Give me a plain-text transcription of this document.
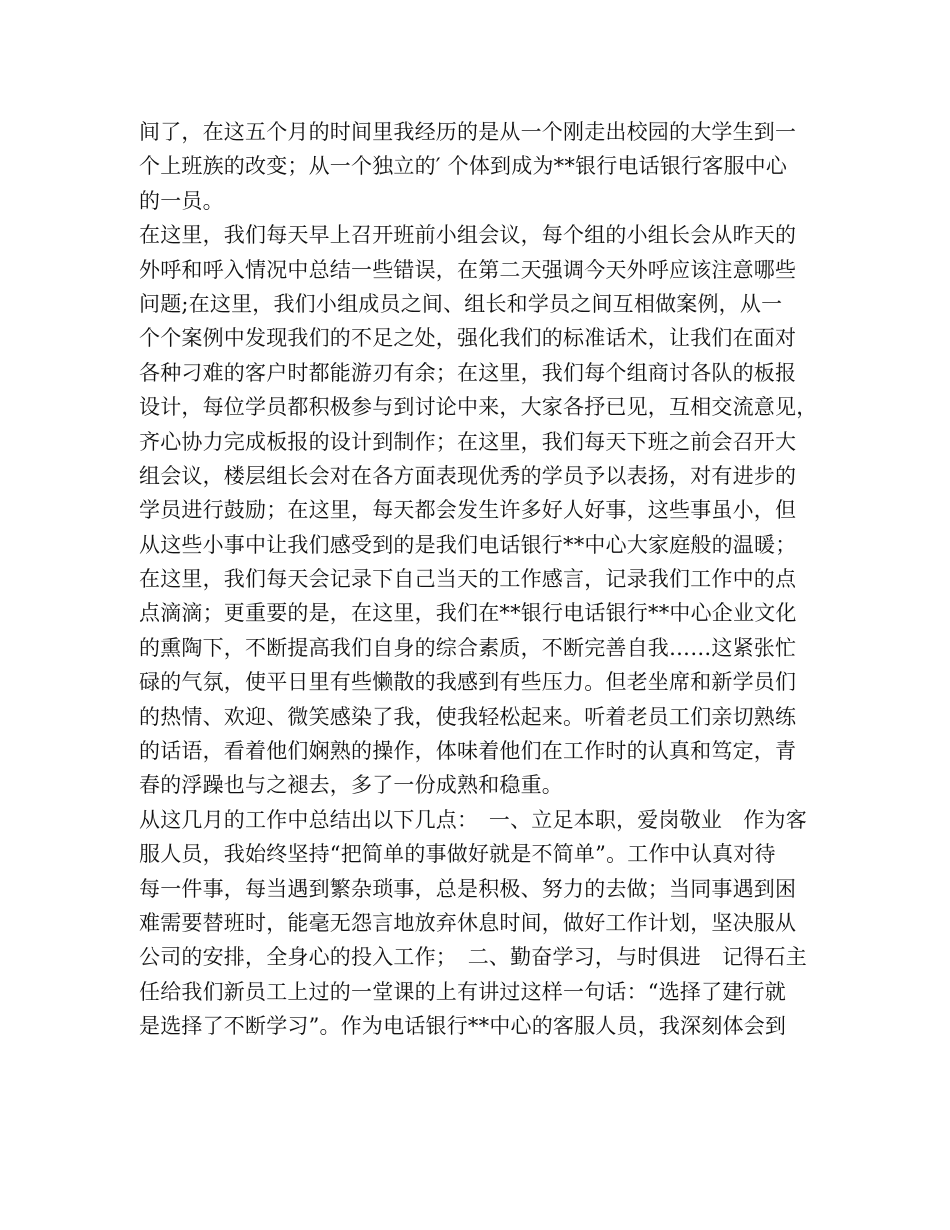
间了，在这五个月的时间里我经历的是从一个刚走出校园的大学生到一
个上班族的改变；从一个独立的′ 个体到成为**银行电话银行客服中心
的一员。
在这里，我们每天早上召开班前小组会议，每个组的小组长会从昨天的
外呼和呼入情况中总结一些错误，在第二天强调今天外呼应该注意哪些
问题;在这里，我们小组成员之间、组长和学员之间互相做案例，从一
个个案例中发现我们的不足之处，强化我们的标准话术，让我们在面对
各种刁难的客户时都能游刃有余；在这里，我们每个组商讨各队的板报
设计，每位学员都积极参与到讨论中来，大家各抒已见，互相交流意见，
齐心协力完成板报的设计到制作；在这里，我们每天下班之前会召开大
组会议，楼层组长会对在各方面表现优秀的学员予以表扬，对有进步的
学员进行鼓励；在这里，每天都会发生许多好人好事，这些事虽小，但
从这些小事中让我们感受到的是我们电话银行**中心大家庭般的温暖；
在这里，我们每天会记录下自己当天的工作感言，记录我们工作中的点
点滴滴；更重要的是，在这里，我们在**银行电话银行**中心企业文化
的熏陶下，不断提高我们自身的综合素质，不断完善自我……这紧张忙
碌的气氛，使平日里有些懒散的我感到有些压力。但老坐席和新学员们
的热情、欢迎、微笑感染了我，使我轻松起来。听着老员工们亲切熟练
的话语，看着他们娴熟的操作，体味着他们在工作时的认真和笃定，青
春的浮躁也与之褪去，多了一份成熟和稳重。
从这几月的工作中总结出以下几点：　一、立足本职，爱岗敬业　作为客
服人员，我始终坚持“把简单的事做好就是不简单”。工作中认真对待
每一件事，每当遇到繁杂琐事，总是积极、努力的去做；当同事遇到困
难需要替班时，能毫无怨言地放弃休息时间，做好工作计划，坚决服从
公司的安排，全身心的投入工作；　二、勤奋学习，与时俱进　记得石主
任给我们新员工上过的一堂课的上有讲过这样一句话：“选择了建行就
是选择了不断学习”。作为电话银行**中心的客服人员，我深刻体会到
